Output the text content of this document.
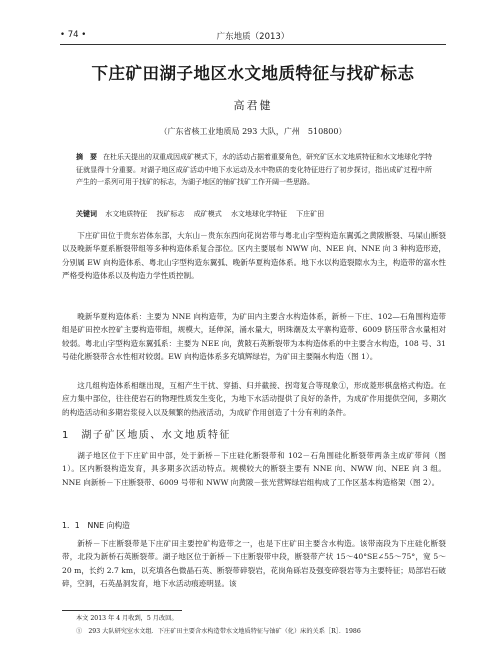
• 74 •	广东地质（2013）
下庄矿田湖子地区水文地质特征与找矿标志
高君健
（广东省核工业地质局 293 大队，广州　510800）
摘　要 在杜乐天提出的双重成因成矿模式下，水的活动占据着重要角色，研究矿区水文地质特征和水文地球化学特征就显得十分重要。对湖子地区成矿活动中地下水运动及水中物质的变化特征进行了初步探讨，指出成矿过程中所产生的一系列可用于找矿的标志，为湖子地区的铀矿找矿工作开阔一些思路。
关键词 水文地质特征 找矿标志 成矿模式 水文地球化学特征 下庄矿田

下庄矿田位于贵东岩体东部，大东山－贵东东西向花岗岩带与粤北山字型构造东翼弧之黄陂断裂、马屎山断裂以及晚新华夏系断裂带组等多种构造体系复合部位。区内主要展布 NWW 向、NEE 向、NNE 向 3 种构造形迹，分别属 EW 向构造体系、粤北山字型构造东翼弧、晚新华夏构造体系。地下水以构造裂隙水为主，构造带的富水性严格受构造体系以及构造力学性质控制。

晚新华夏构造体系：主要为 NNE 向构造带，为矿田内主要含水构造体系，新桥－下庄、102—石角围构造带组是矿田控水控矿主要构造带组，规模大，延伸深，涌水量大，明珠潮及太平寨构造带、6009 脐压带含水量相对较弱。粤北山字型构造东翼弧系：主要为 NEE 向，黄陂石英断裂带为本构造体系的中主要含水构造，108 号、31 号硅化断裂带含水性相对较弱。EW 向构造体系多充填辉绿岩，为矿田主要隔水构造（图 1）。

这几组构造体系相继出现，互相产生干扰、穿插、归并截接、拐弯复合等现象①，形成菱形棋盘格式构造。在应力集中部位，往往使岩石的物理性质发生变化，为地下水活动提供了良好的条件，为成矿作用提供空间，多期次的构造活动和多期岩浆侵入以及频繁的热液活动，为成矿作用创造了十分有利的条件。

1　湖子矿区地质、水文地质特征

湖子地区位于下庄矿田中部，处于新桥－下庄硅化断裂带和 102－石角围硅化断裂带两条主成矿带间（图 1）。区内断裂构造发育，具多期多次活动特点。规模较大的断裂主要有 NNE 向、NWW 向、NEE 向 3 组。NNE 向新桥－下庄断裂带、6009 号带和 NWW 向黄陂－张光营辉绿岩组构成了工作区基本构造格架（图 2）。

1．1　NNE 向构造

新桥－下庄断裂带是下庄矿田主要控矿构造带之一，也是下庄矿田主要含水构造。该带南段为下庄硅化断裂带，北段为新桥石英断裂带。湖子地区位于新桥－下庄断裂带中段，断裂带产状 15～40°SE∠55～75°，宽 5～20 m，长约 2.7 km，以充填各色微晶石英、断裂带碎裂岩，花岗角砾岩及强变碎裂岩等为主要特征；局部岩石破碎，空洞，石英晶洞发育，地下水活动痕迹明显。该

本文 2013 年 4 月收到，5 月改回。
①　293 大队研究室水文组．下庄矿田主要含水构造带水文地质特征与铀矿（化）床的关系［R］．1986
